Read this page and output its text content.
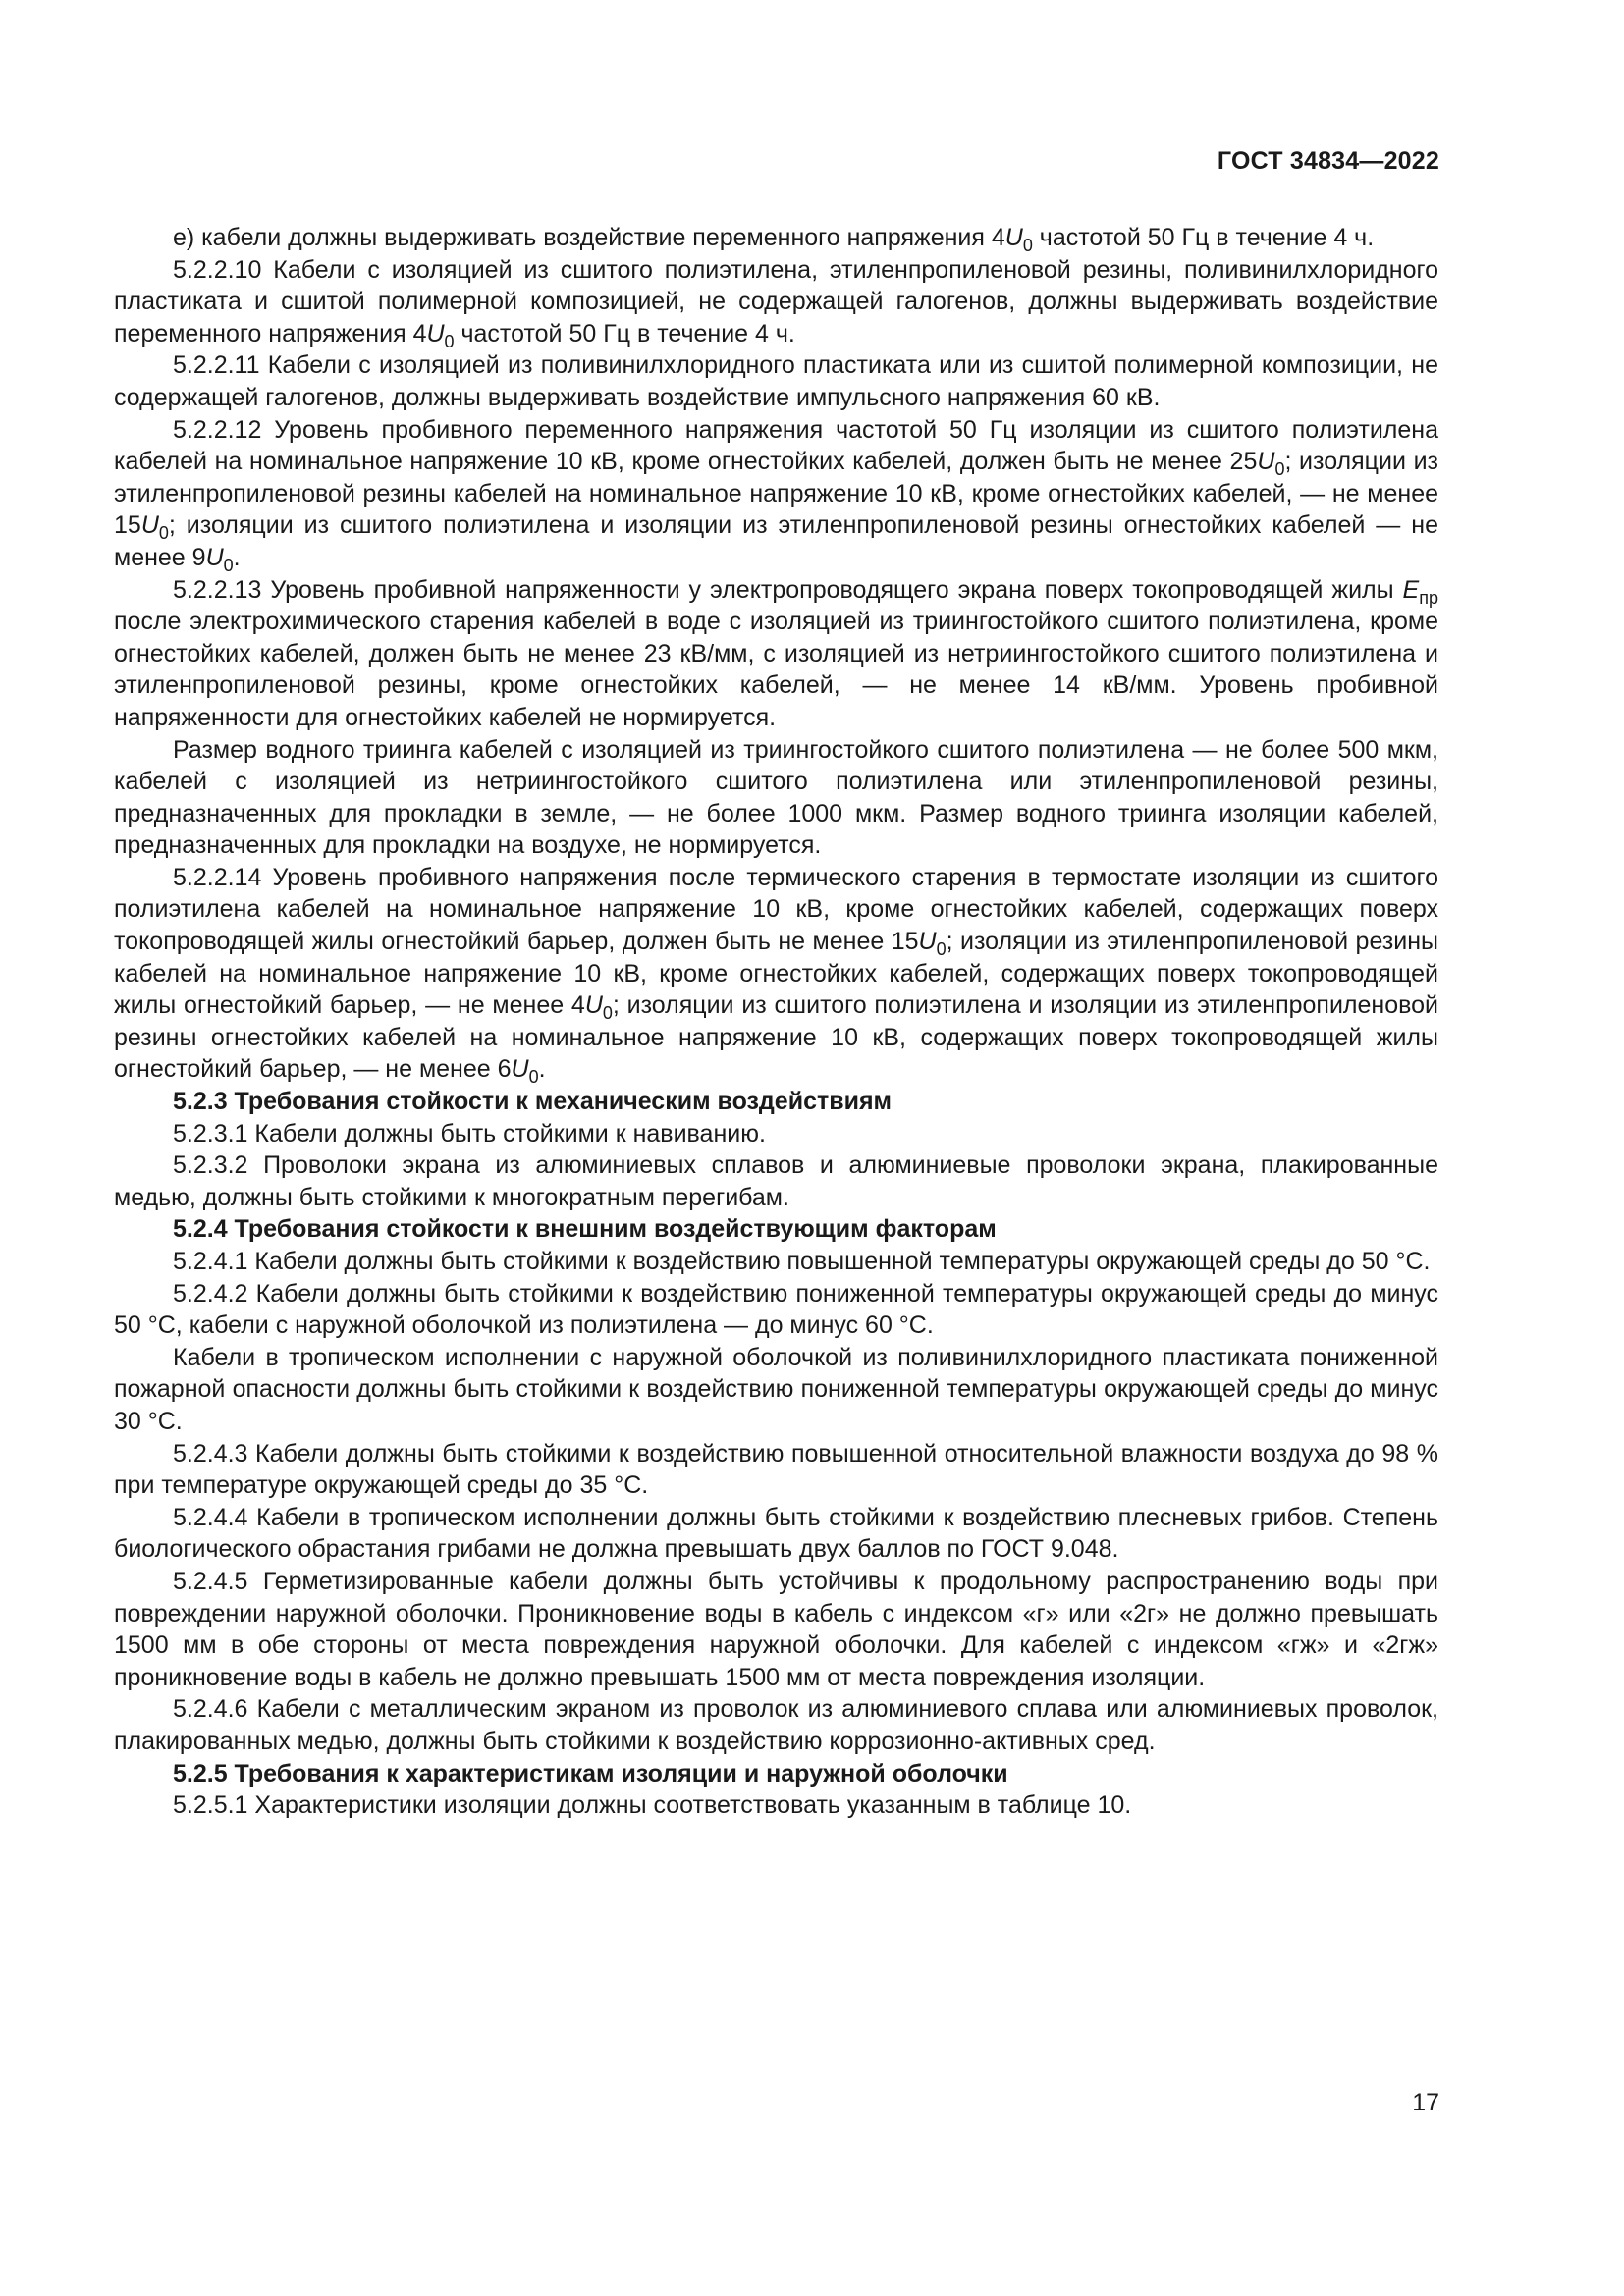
ГОСТ 34834—2022

е) кабели должны выдерживать воздействие переменного напряжения $4U_0$ частотой 50 Гц в течение 4 ч.

5.2.2.10 Кабели с изоляцией из сшитого полиэтилена, этиленпропиленовой резины, поливинилхлоридного пластиката и сшитой полимерной композицией, не содержащей галогенов, должны выдерживать воздействие переменного напряжения $4U_0$ частотой 50 Гц в течение 4 ч.

5.2.2.11 Кабели с изоляцией из поливинилхлоридного пластиката или из сшитой полимерной композиции, не содержащей галогенов, должны выдерживать воздействие импульсного напряжения 60 кВ.

5.2.2.12 Уровень пробивного переменного напряжения частотой 50 Гц изоляции из сшитого полиэтилена кабелей на номинальное напряжение 10 кВ, кроме огнестойких кабелей, должен быть не менее $25U_0$; изоляции из этиленпропиленовой резины кабелей на номинальное напряжение 10 кВ, кроме огнестойких кабелей, — не менее $15U_0$; изоляции из сшитого полиэтилена и изоляции из этиленпропиленовой резины огнестойких кабелей — не менее $9U_0$.

5.2.2.13 Уровень пробивной напряженности у электропроводящего экрана поверх токопроводящей жилы $E_{пр}$ после электрохимического старения кабелей в воде с изоляцией из триингостойкого сшитого полиэтилена, кроме огнестойких кабелей, должен быть не менее 23 кВ/мм, с изоляцией из нетриингостойкого сшитого полиэтилена и этиленпропиленовой резины, кроме огнестойких кабелей, — не менее 14 кВ/мм. Уровень пробивной напряженности для огнестойких кабелей не нормируется.

Размер водного триинга кабелей с изоляцией из триингостойкого сшитого полиэтилена — не более 500 мкм, кабелей с изоляцией из нетриингостойкого сшитого полиэтилена или этиленпропиленовой резины, предназначенных для прокладки в земле, — не более 1000 мкм. Размер водного триинга изоляции кабелей, предназначенных для прокладки на воздухе, не нормируется.

5.2.2.14 Уровень пробивного напряжения после термического старения в термостате изоляции из сшитого полиэтилена кабелей на номинальное напряжение 10 кВ, кроме огнестойких кабелей, содержащих поверх токопроводящей жилы огнестойкий барьер, должен быть не менее $15U_0$; изоляции из этиленпропиленовой резины кабелей на номинальное напряжение 10 кВ, кроме огнестойких кабелей, содержащих поверх токопроводящей жилы огнестойкий барьер, — не менее $4U_0$; изоляции из сшитого полиэтилена и изоляции из этиленпропиленовой резины огнестойких кабелей на номинальное напряжение 10 кВ, содержащих поверх токопроводящей жилы огнестойкий барьер, — не менее $6U_0$.

5.2.3 Требования стойкости к механическим воздействиям

5.2.3.1 Кабели должны быть стойкими к навиванию.

5.2.3.2 Проволоки экрана из алюминиевых сплавов и алюминиевые проволоки экрана, плакированные медью, должны быть стойкими к многократным перегибам.

5.2.4 Требования стойкости к внешним воздействующим факторам

5.2.4.1 Кабели должны быть стойкими к воздействию повышенной температуры окружающей среды до 50 °С.

5.2.4.2 Кабели должны быть стойкими к воздействию пониженной температуры окружающей среды до минус 50 °С, кабели с наружной оболочкой из полиэтилена — до минус 60 °С.

Кабели в тропическом исполнении с наружной оболочкой из поливинилхлоридного пластиката пониженной пожарной опасности должны быть стойкими к воздействию пониженной температуры окружающей среды до минус 30 °С.

5.2.4.3 Кабели должны быть стойкими к воздействию повышенной относительной влажности воздуха до 98 % при температуре окружающей среды до 35 °С.

5.2.4.4 Кабели в тропическом исполнении должны быть стойкими к воздействию плесневых грибов. Степень биологического обрастания грибами не должна превышать двух баллов по ГОСТ 9.048.

5.2.4.5 Герметизированные кабели должны быть устойчивы к продольному распространению воды при повреждении наружной оболочки. Проникновение воды в кабель с индексом «г» или «2г» не должно превышать 1500 мм в обе стороны от места повреждения наружной оболочки. Для кабелей с индексом «гж» и «2гж» проникновение воды в кабель не должно превышать 1500 мм от места повреждения изоляции.

5.2.4.6 Кабели с металлическим экраном из проволок из алюминиевого сплава или алюминиевых проволок, плакированных медью, должны быть стойкими к воздействию коррозионно-активных сред.

5.2.5 Требования к характеристикам изоляции и наружной оболочки

5.2.5.1 Характеристики изоляции должны соответствовать указанным в таблице 10.

17
